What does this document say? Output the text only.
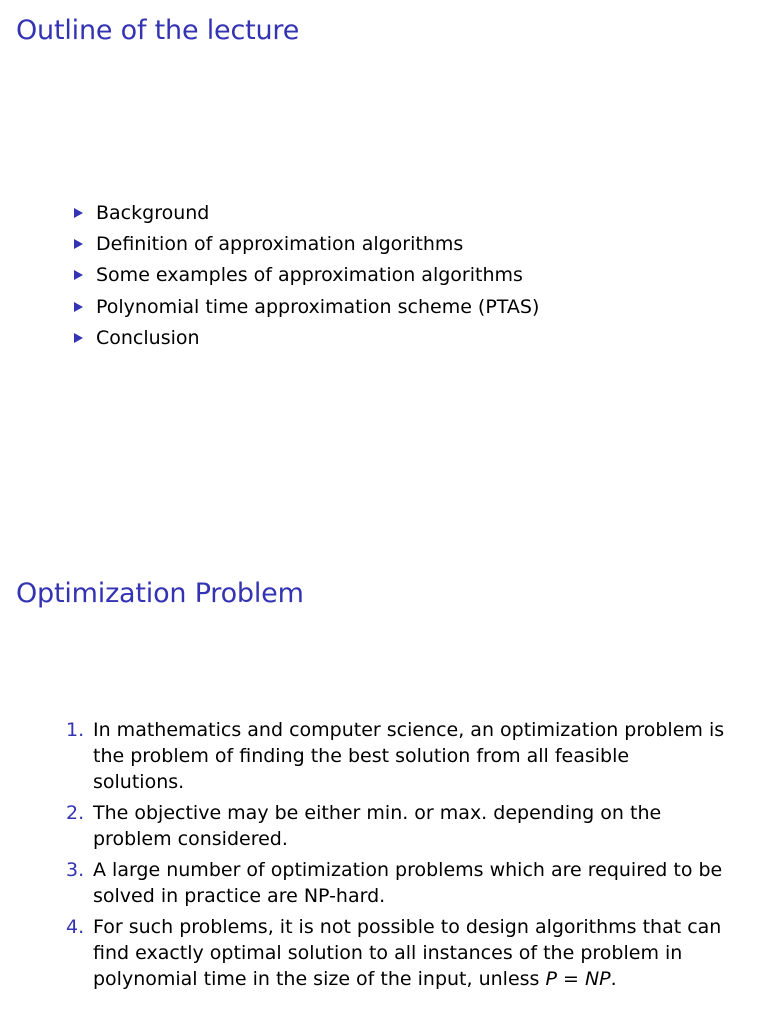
Outline of the lecture
Background
Definition of approximation algorithms
Some examples of approximation algorithms
Polynomial time approximation scheme (PTAS)
Conclusion
Optimization Problem
1. In mathematics and computer science, an optimization problem is the problem of finding the best solution from all feasible solutions.
2. The objective may be either min. or max. depending on the problem considered.
3. A large number of optimization problems which are required to be solved in practice are NP-hard.
4. For such problems, it is not possible to design algorithms that can find exactly optimal solution to all instances of the problem in polynomial time in the size of the input, unless P = NP.
